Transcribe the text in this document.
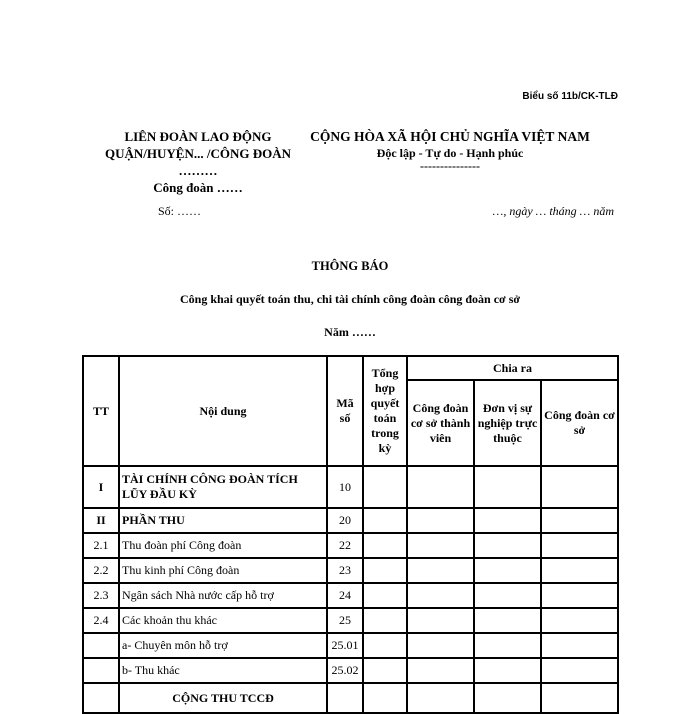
Biểu số 11b/CK-TLĐ
LIÊN ĐOÀN LAO ĐỘNG
QUẬN/HUYỆN... /CÔNG ĐOÀN
………
Công đoàn ……
CỘNG HÒA XÃ HỘI CHỦ NGHĨA VIỆT NAM
Độc lập - Tự do - Hạnh phúc
---------------
Số: ……	…, ngày … tháng … năm
THÔNG BÁO
Công khai quyết toán thu, chi tài chính công đoàn công đoàn cơ sở
Năm ……
TT	Nội dung	Mã số	Tổng hợp quyết toán trong kỳ	Chia ra		
				Công đoàn cơ sở thành viên	Đơn vị sự nghiệp trực thuộc	Công đoàn cơ sở
I	TÀI CHÍNH CÔNG ĐOÀN TÍCH LŨY ĐẦU KỲ	10				
II	PHẦN THU	20				
2.1	Thu đoàn phí Công đoàn	22				
2.2	Thu kinh phí Công đoàn	23				
2.3	Ngân sách Nhà nước cấp hỗ trợ	24				
2.4	Các khoản thu khác	25				
	a- Chuyên môn hỗ trợ	25.01				
	b- Thu khác	25.02				
	CỘNG THU TCCĐ					
